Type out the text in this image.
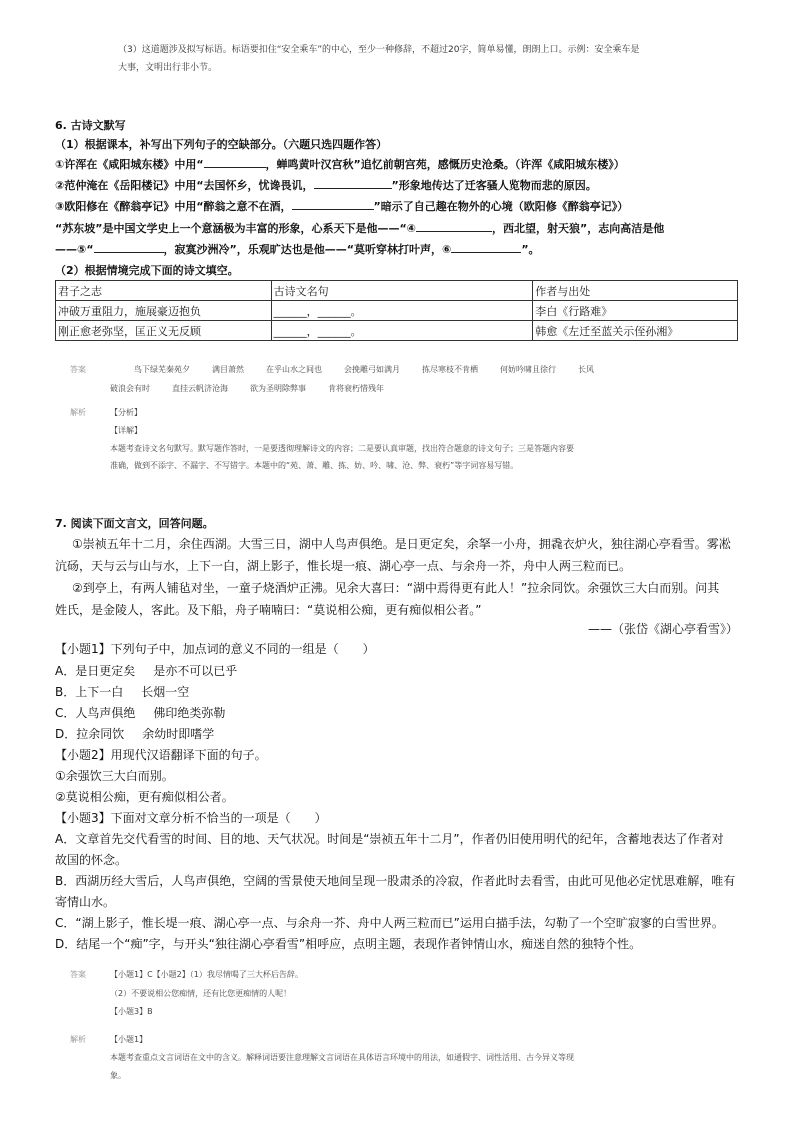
（3）这道题涉及拟写标语。标语要扣住“安全乘车”的中心，至少一种修辞，不超过20字，简单易懂，朗朗上口。示例：安全乘车是
大事，文明出行非小节。
6. 古诗文默写
（1）根据课本，补写出下列句子的空缺部分。（六题只选四题作答）
①许浑在《咸阳城东楼》中用“	，蝉鸣黄叶汉宫秋”追忆前朝宫苑，感慨历史沧桑。（许浑《咸阳城东楼》）
②范仲淹在《岳阳楼记》中用“去国怀乡，忧谗畏讥，	”形象地传达了迁客骚人览物而悲的原因。
③欧阳修在《醉翁亭记》中用“醉翁之意不在酒，	”暗示了自己趣在物外的心境（欧阳修《醉翁亭记》）
“苏东坡”是中国文学史上一个意涵极为丰富的形象，心系天下是他——“④	，西北望，射天狼”，志向高洁是他
——⑤“	，寂寞沙洲冷”，乐观旷达也是他——“莫听穿林打叶声，⑥	”。
（2）根据情境完成下面的诗文填空。
君子之志	古诗文名句	作者与出处
冲破万重阻力，施展豪迈抱负	______，______。	李白《行路难》
刚正愈老弥坚，匡正义无反顾	______，______。	韩愈《左迁至蓝关示侄孙湘》
答案	鸟下绿芜秦苑夕	满目萧然	在乎山水之间也	会挽雕弓如满月	拣尽寒枝不肯栖	何妨吟啸且徐行	长风
破浪会有时	直挂云帆济沧海	欲为圣明除弊事	肯将衰朽惜残年
解析	【分析】
【详解】
本题考查诗文名句默写。默写题作答时，一是要透彻理解诗文的内容；二是要认真审题，找出符合题意的诗文句子；三是答题内容要
准确，做到不添字、不漏字、不写错字。本题中的“苑、萧、雕、拣、妨、吟、啸、沧、弊、衰朽”等字词容易写错。
7. 阅读下面文言文，回答问题。
①崇祯五年十二月，余住西湖。大雪三日，湖中人鸟声俱绝。是日更定矣，余拏一小舟，拥毳衣炉火，独往湖心亭看雪。雾凇
沆砀，天与云与山与水，上下一白，湖上影子，惟长堤一痕、湖心亭一点、与余舟一芥，舟中人两三粒而已。
②到亭上，有两人铺毡对坐，一童子烧酒炉正沸。见余大喜曰：“湖中焉得更有此人！”拉余同饮。余强饮三大白而别。问其
姓氏，是金陵人，客此。及下船，舟子喃喃曰：“莫说相公痴，更有痴似相公者。”
——（张岱《湖心亭看雪》）
【小题1】下列句子中，加点词的意义不同的一组是（　　）
A．是日更定矣 是亦不可以已乎
B．上下一白 长烟一空
C．人鸟声俱绝 佛印绝类弥勒
D．拉余同饮 余幼时即嗜学
【小题2】用现代汉语翻译下面的句子。
①余强饮三大白而别。
②莫说相公痴，更有痴似相公者。
【小题3】下面对文章分析不恰当的一项是（　　）
A．文章首先交代看雪的时间、目的地、天气状况。时间是“崇祯五年十二月”，作者仍旧使用明代的纪年，含蓄地表达了作者对
故国的怀念。
B．西湖历经大雪后，人鸟声俱绝，空阔的雪景使天地间呈现一股肃杀的冷寂，作者此时去看雪，由此可见他必定忧思难解，唯有
寄情山水。
C．“湖上影子，惟长堤一痕、湖心亭一点、与余舟一芥、舟中人两三粒而已”运用白描手法，勾勒了一个空旷寂寥的白雪世界。
D．结尾一个“痴”字，与开头“独往湖心亭看雪”相呼应，点明主题，表现作者钟情山水，痴迷自然的独特个性。
答案	【小题1】C【小题2】（1）我尽情喝了三大杯后告辞。
（2）不要说相公您痴情，还有比您更痴情的人呢！
【小题3】B
解析	【小题1】
本题考查重点文言词语在文中的含义。解释词语要注意理解文言词语在具体语言环境中的用法，如通假字、词性活用、古今异义等现
象。
